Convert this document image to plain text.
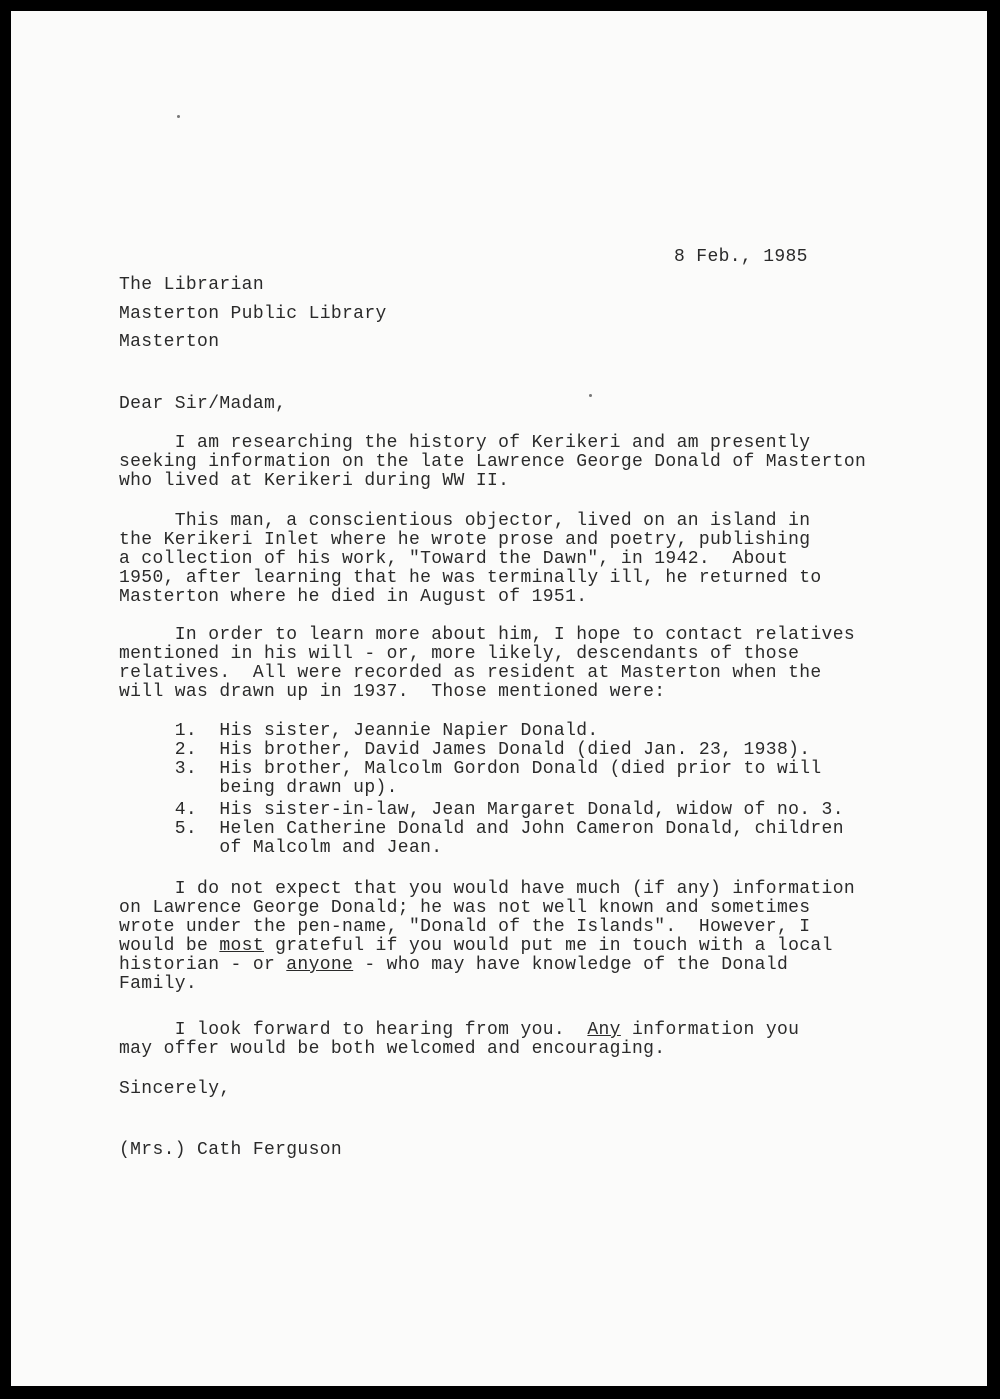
8 Feb., 1985
The Librarian
Masterton Public Library
Masterton
Dear Sir/Madam,
I am researching the history of Kerikeri and am presently
seeking information on the late Lawrence George Donald of Masterton
who lived at Kerikeri during WW II.
This man, a conscientious objector, lived on an island in
the Kerikeri Inlet where he wrote prose and poetry, publishing
a collection of his work, "Toward the Dawn", in 1942.  About
1950, after learning that he was terminally ill, he returned to
Masterton where he died in August of 1951.
In order to learn more about him, I hope to contact relatives
mentioned in his will - or, more likely, descendants of those
relatives.  All were recorded as resident at Masterton when the
will was drawn up in 1937.  Those mentioned were:
1.  His sister, Jeannie Napier Donald.
2.  His brother, David James Donald (died Jan. 23, 1938).
3.  His brother, Malcolm Gordon Donald (died prior to will
being drawn up).
4.  His sister-in-law, Jean Margaret Donald, widow of no. 3.
5.  Helen Catherine Donald and John Cameron Donald, children
of Malcolm and Jean.
I do not expect that you would have much (if any) information
on Lawrence George Donald; he was not well known and sometimes
wrote under the pen-name, "Donald of the Islands".  However, I
would be most grateful if you would put me in touch with a local
historian - or anyone - who may have knowledge of the Donald
Family.
I look forward to hearing from you.  Any information you
may offer would be both welcomed and encouraging.
Sincerely,
(Mrs.) Cath Ferguson
